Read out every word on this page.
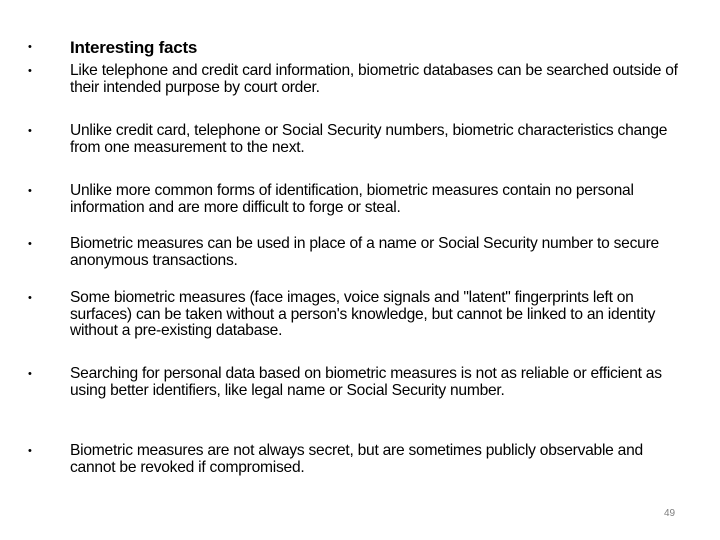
• Interesting facts
• Like telephone and credit card information, biometric databases can be searched outside of their intended purpose by court order.
• Unlike credit card, telephone or Social Security numbers, biometric characteristics change from one measurement to the next.
• Unlike more common forms of identification, biometric measures contain no personal information and are more difficult to forge or steal.
• Biometric measures can be used in place of a name or Social Security number to secure anonymous transactions.
• Some biometric measures (face images, voice signals and "latent" fingerprints left on surfaces) can be taken without a person's knowledge, but cannot be linked to an identity without a pre-existing database.
• Searching for personal data based on biometric measures is not as reliable or efficient as using better identifiers, like legal name or Social Security number.
• Biometric measures are not always secret, but are sometimes publicly observable and cannot be revoked if compromised.
49
